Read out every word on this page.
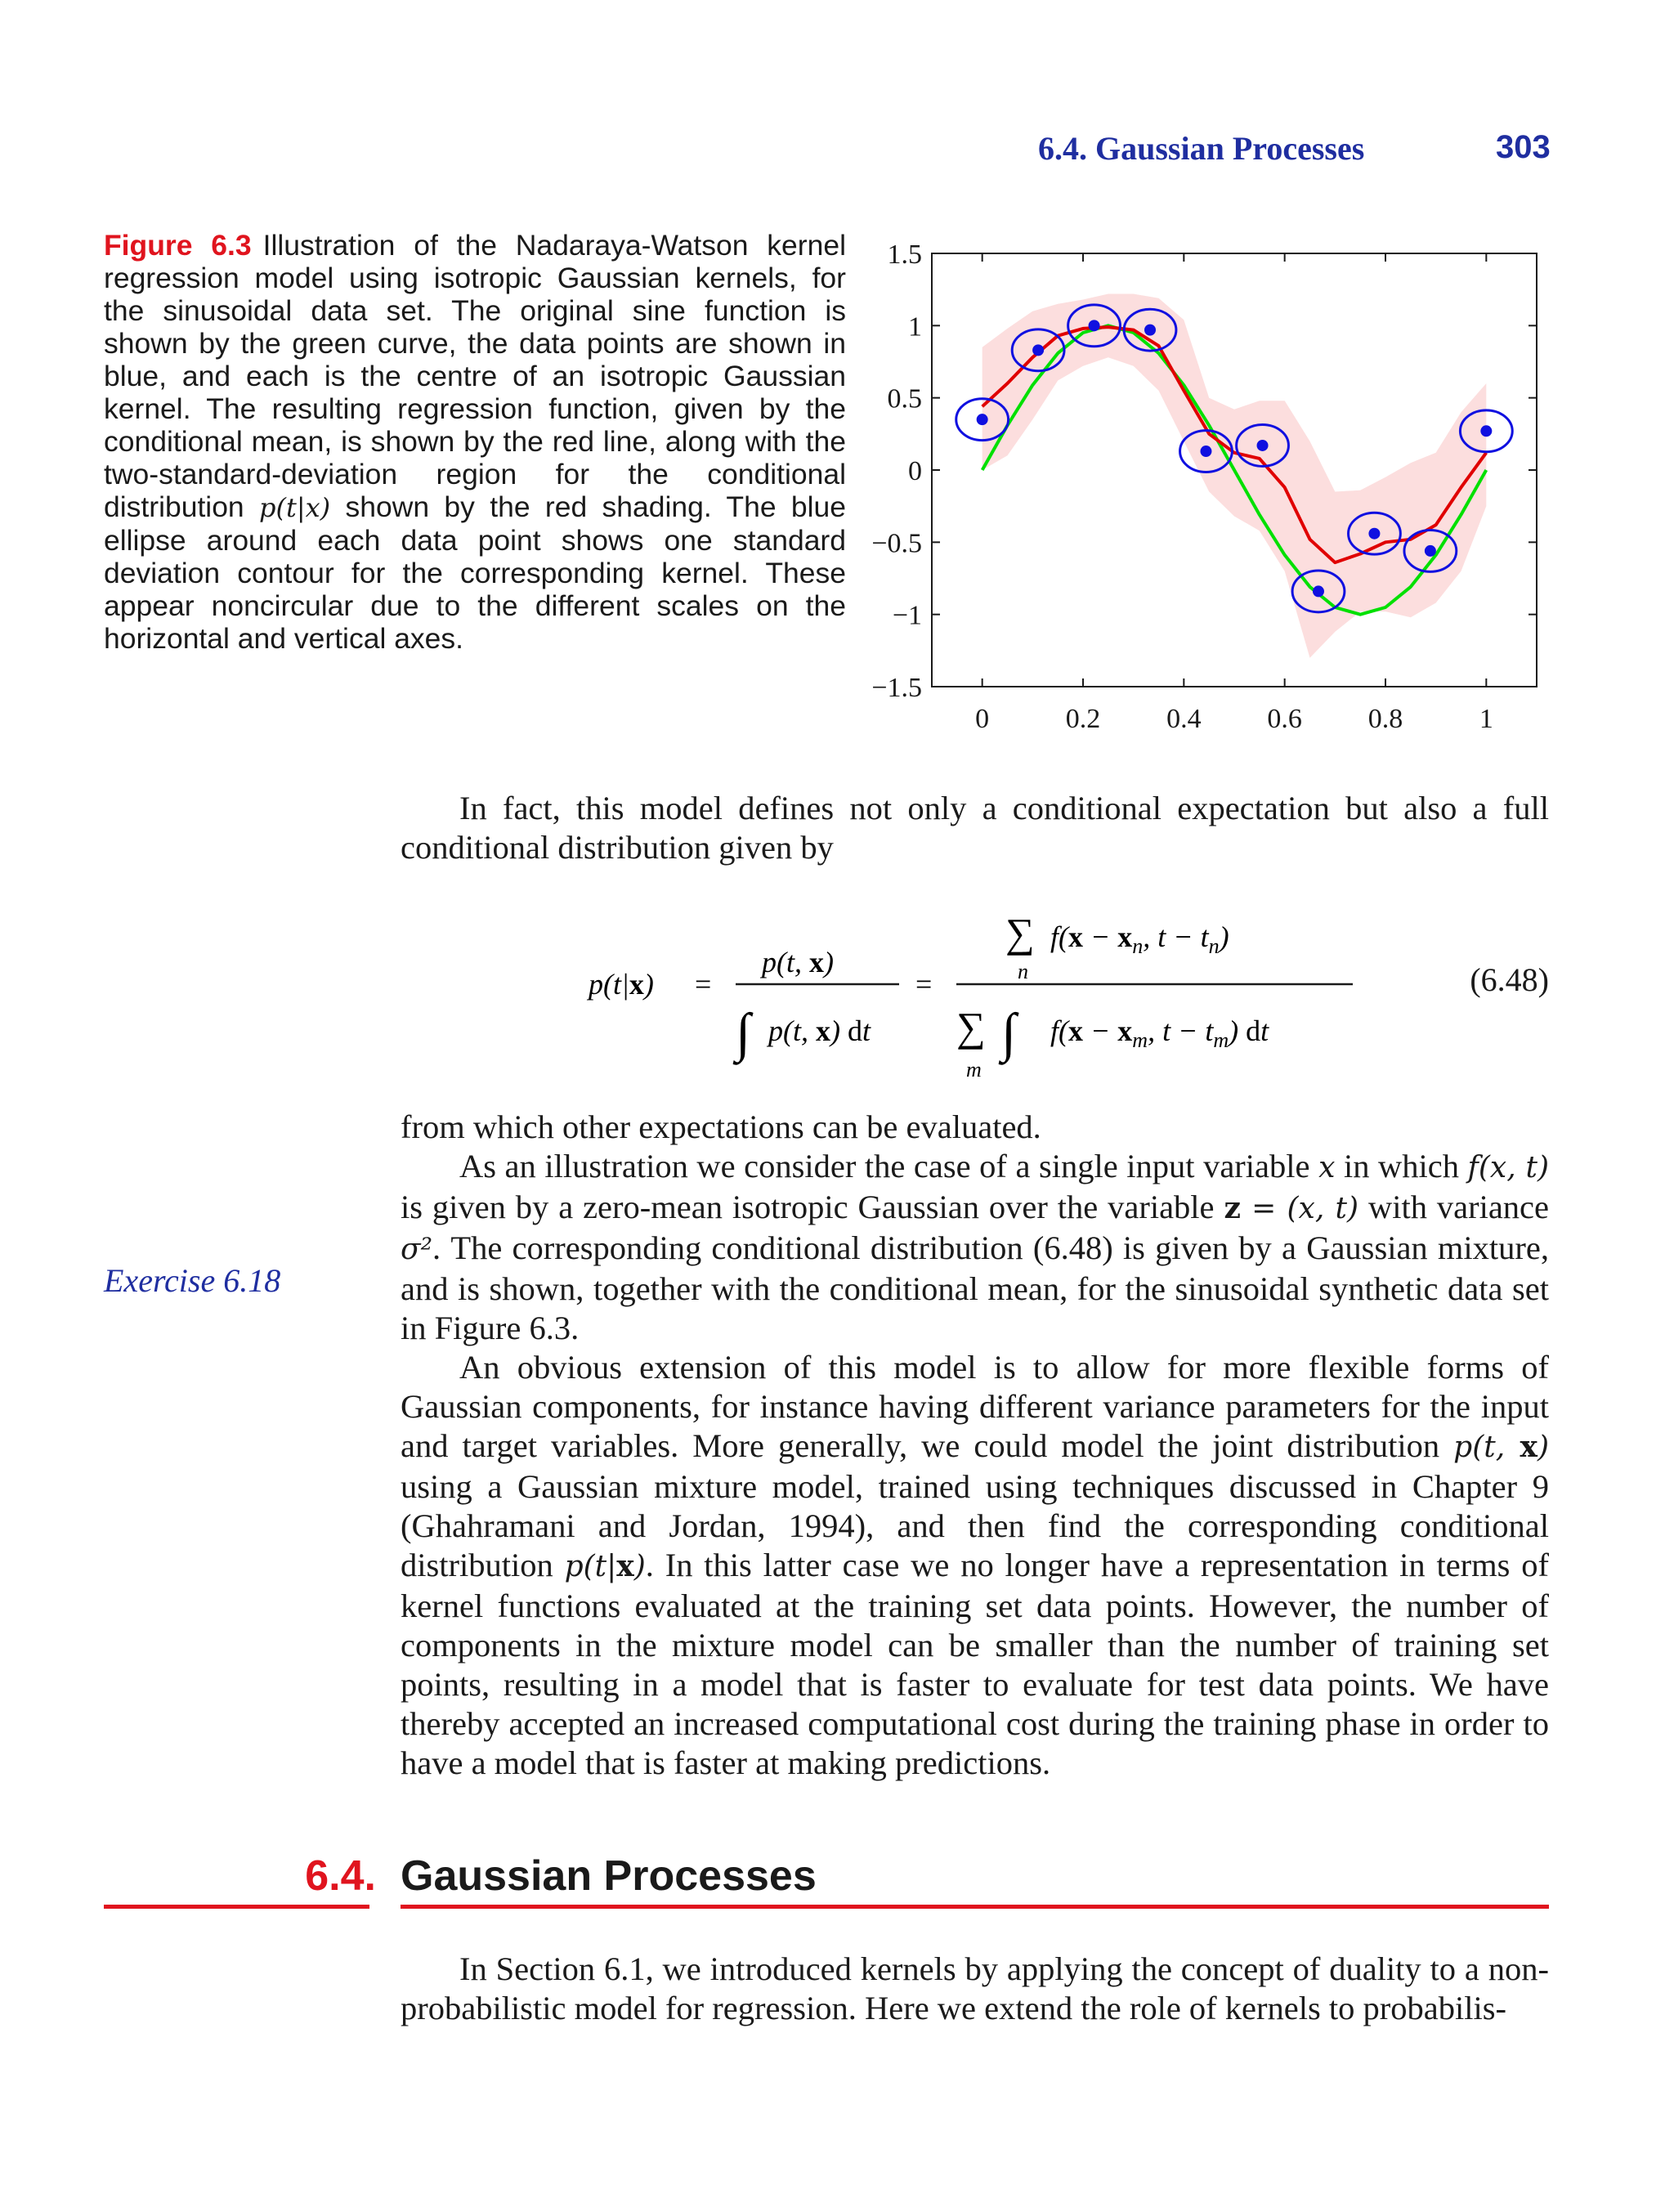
6.4. Gaussian Processes	303
Figure 6.3 Illustration of the Nadaraya-Watson kernel regression model using isotropic Gaussian kernels, for the sinusoidal data set. The original sine function is shown by the green curve, the data points are shown in blue, and each is the centre of an isotropic Gaussian kernel. The resulting regression function, given by the conditional mean, is shown by the red line, along with the two-standard-deviation region for the conditional distribution p(t|x) shown by the red shading. The blue ellipse around each data point shows one standard deviation contour for the corresponding kernel. These appear noncircular due to the different scales on the horizontal and vertical axes.
1.5
1
0.5
0
−0.5
−1
−1.5
0	0.2 0.4 0.6 0.8	1

In fact, this model defines not only a conditional expectation but also a full conditional distribution given by

p(t|x) =
p(t, x)
∫ p(t, x) dt
=
∑
n
$f(x - x_n$, $t - t_n$)
∑
m
∫ $f(x - x_m$, $t - t_m$) dt
(6.48)
Exercise 6.18

from which other expectations can be evaluated.

As an illustration we consider the case of a single input variable x in which f(x, t) is given by a zero-mean isotropic Gaussian over the variable z = (x, t) with variance σ². The corresponding conditional distribution (6.48) is given by a Gaussian mixture, and is shown, together with the conditional mean, for the sinusoidal synthetic data set in Figure 6.3.

An obvious extension of this model is to allow for more flexible forms of Gaussian components, for instance having different variance parameters for the input and target variables. More generally, we could model the joint distribution p(t, x) using a Gaussian mixture model, trained using techniques discussed in Chapter 9 (Ghahramani and Jordan, 1994), and then find the corresponding conditional distribution p(t|x). In this latter case we no longer have a representation in terms of kernel functions evaluated at the training set data points. However, the number of components in the mixture model can be smaller than the number of training set points, resulting in a model that is faster to evaluate for test data points. We have thereby accepted an increased computational cost during the training phase in order to have a model that is faster at making predictions.

6.4. Gaussian Processes

In Section 6.1, we introduced kernels by applying the concept of duality to a non-probabilistic model for regression. Here we extend the role of kernels to probabilis-
